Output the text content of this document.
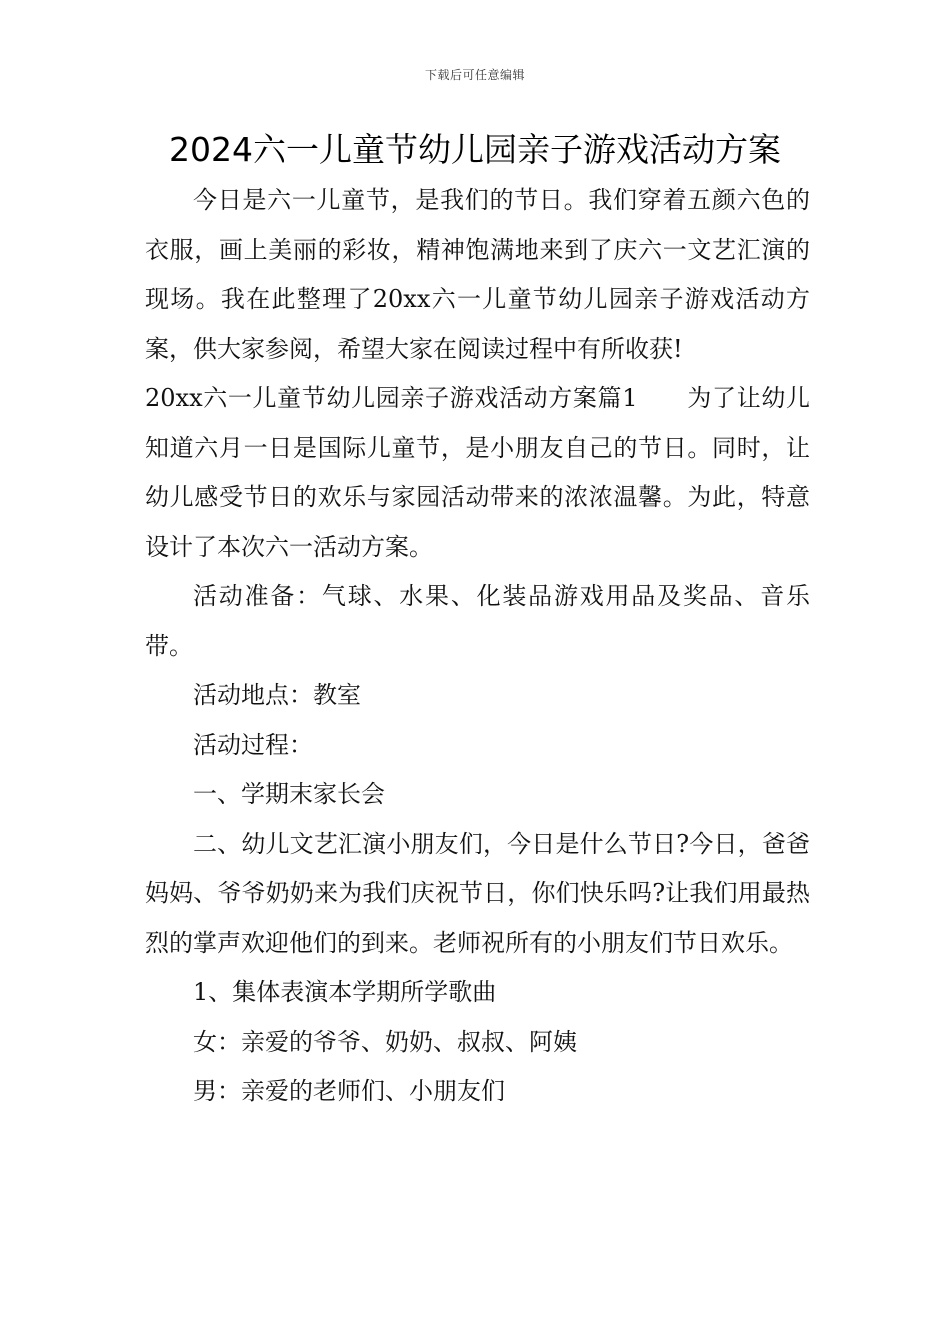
下载后可任意编辑
2024六一儿童节幼儿园亲子游戏活动方案

今日是六一儿童节，是我们的节日。我们穿着五颜六色的衣服，画上美丽的彩妆，精神饱满地来到了庆六一文艺汇演的现场。我在此整理了20xx六一儿童节幼儿园亲子游戏活动方案，供大家参阅，希望大家在阅读过程中有所收获!

20xx六一儿童节幼儿园亲子游戏活动方案篇1　　为了让幼儿知道六月一日是国际儿童节，是小朋友自己的节日。同时，让幼儿感受节日的欢乐与家园活动带来的浓浓温馨。为此，特意设计了本次六一活动方案。

活动准备：气球、水果、化装品游戏用品及奖品、音乐带。

活动地点：教室

活动过程：

一、学期末家长会

二、幼儿文艺汇演小朋友们，今日是什么节日?今日，爸爸妈妈、爷爷奶奶来为我们庆祝节日，你们快乐吗?让我们用最热烈的掌声欢迎他们的到来。老师祝所有的小朋友们节日欢乐。

1、集体表演本学期所学歌曲

女：亲爱的爷爷、奶奶、叔叔、阿姨

男：亲爱的老师们、小朋友们
